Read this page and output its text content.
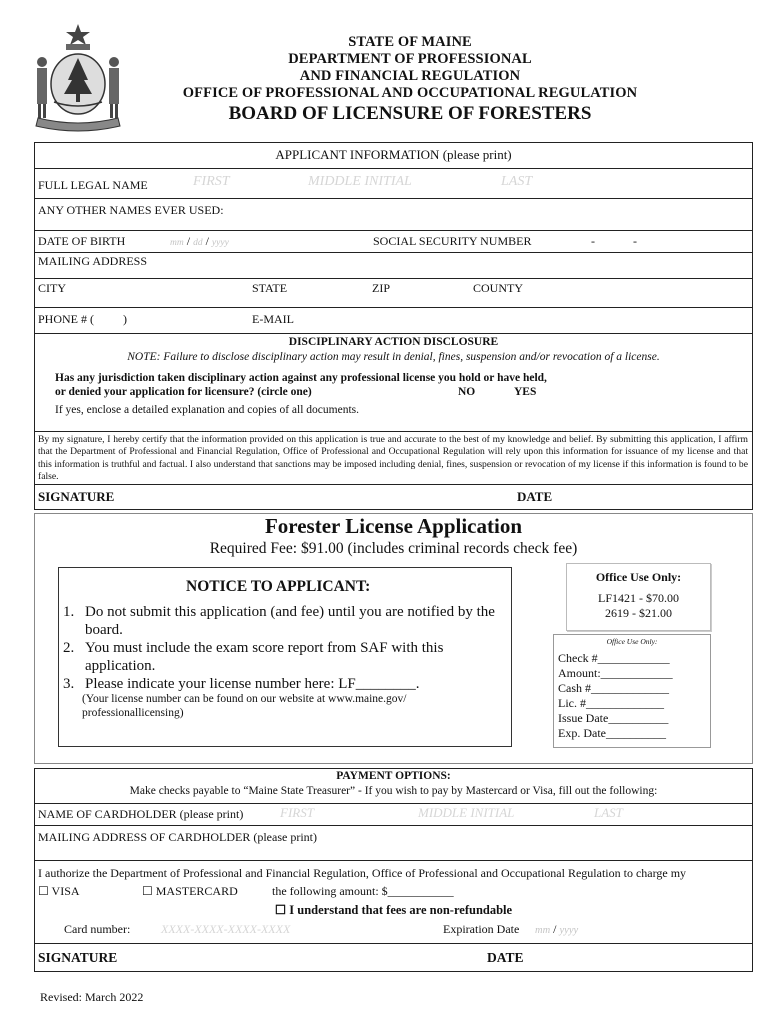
STATE OF MAINE
DEPARTMENT OF PROFESSIONAL
AND FINANCIAL REGULATION
OFFICE OF PROFESSIONAL AND OCCUPATIONAL REGULATION
BOARD OF LICENSURE OF FORESTERS
APPLICANT INFORMATION (please print)
FULL LEGAL NAME	FIRST	MIDDLE INITIAL	LAST
ANY OTHER NAMES EVER USED:
DATE OF BIRTH	mm / dd / yyyy	SOCIAL SECURITY NUMBER	-	-
MAILING ADDRESS
CITY	STATE	ZIP	COUNTY
PHONE # ( )	E-MAIL
DISCIPLINARY ACTION DISCLOSURE
NOTE: Failure to disclose disciplinary action may result in denial, fines, suspension and/or revocation of a license.
Has any jurisdiction taken disciplinary action against any professional license you hold or have held,
or denied your application for licensure? (circle one)	NO	YES
If yes, enclose a detailed explanation and copies of all documents.
By my signature, I hereby certify that the information provided on this application is true and accurate to the best of my knowledge and belief. By submitting this application, I affirm that the Department of Professional and Financial Regulation, Office of Professional and Occupational Regulation will rely upon this information for issuance of my license and that this information is truthful and factual. I also understand that sanctions may be imposed including denial, fines, suspension or revocation of my license if this information is found to be false.
SIGNATURE	DATE
Forester License Application
Required Fee: $91.00 (includes criminal records check fee)
NOTICE TO APPLICANT:
1. Do not submit this application (and fee) until you are notified by the board.
2. You must include the exam score report from SAF with this application.
3. Please indicate your license number here: LF________.
(Your license number can be found on our website at www.maine.gov/ professionallicensing)
Office Use Only:
LF1421 - $70.00
2619 - $21.00
Office Use Only:
Check #____________
Amount:____________
Cash #_____________
Lic. #_____________
Issue Date__________
Exp. Date__________
PAYMENT OPTIONS:
Make checks payable to “Maine State Treasurer” - If you wish to pay by Mastercard or Visa, fill out the following:
NAME OF CARDHOLDER (please print)	FIRST	MIDDLE INITIAL	LAST
MAILING ADDRESS OF CARDHOLDER (please print)
I authorize the Department of Professional and Financial Regulation, Office of Professional and Occupational Regulation to charge my
☐ VISA	☐ MASTERCARD	the following amount: $___________
☐ I understand that fees are non-refundable
Card number:	XXXX-XXXX-XXXX-XXXX	Expiration Date mm / yyyy
SIGNATURE	DATE
Revised: March 2022
